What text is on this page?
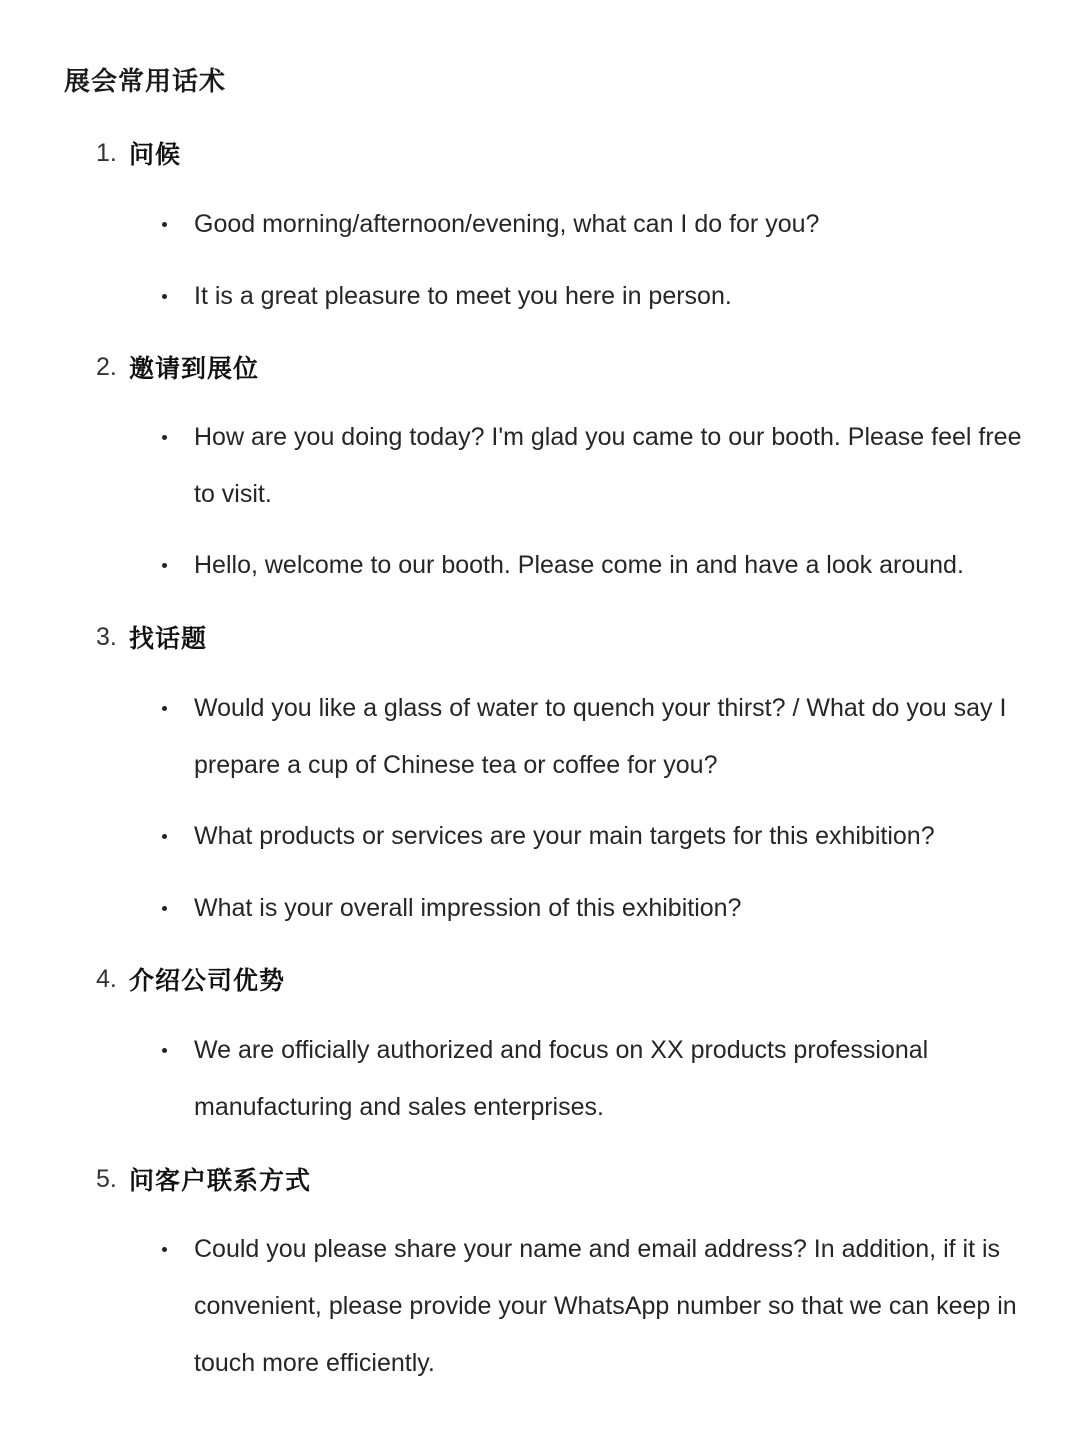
展会常用话术
1. 问候

Good morning/afternoon/evening, what can I do for you?

It is a great pleasure to meet you here in person.

2. 邀请到展位

How are you doing today? I'm glad you came to our booth. Please feel free to visit.

Hello, welcome to our booth. Please come in and have a look around.

3. 找话题

Would you like a glass of water to quench your thirst? / What do you say I prepare a cup of Chinese tea or coffee for you?

What products or services are your main targets for this exhibition?

What is your overall impression of this exhibition?

4. 介绍公司优势

We are officially authorized and focus on XX products professional manufacturing and sales enterprises.

5. 问客户联系方式

Could you please share your name and email address? In addition, if it is convenient, please provide your WhatsApp number so that we can keep in touch more efficiently.
